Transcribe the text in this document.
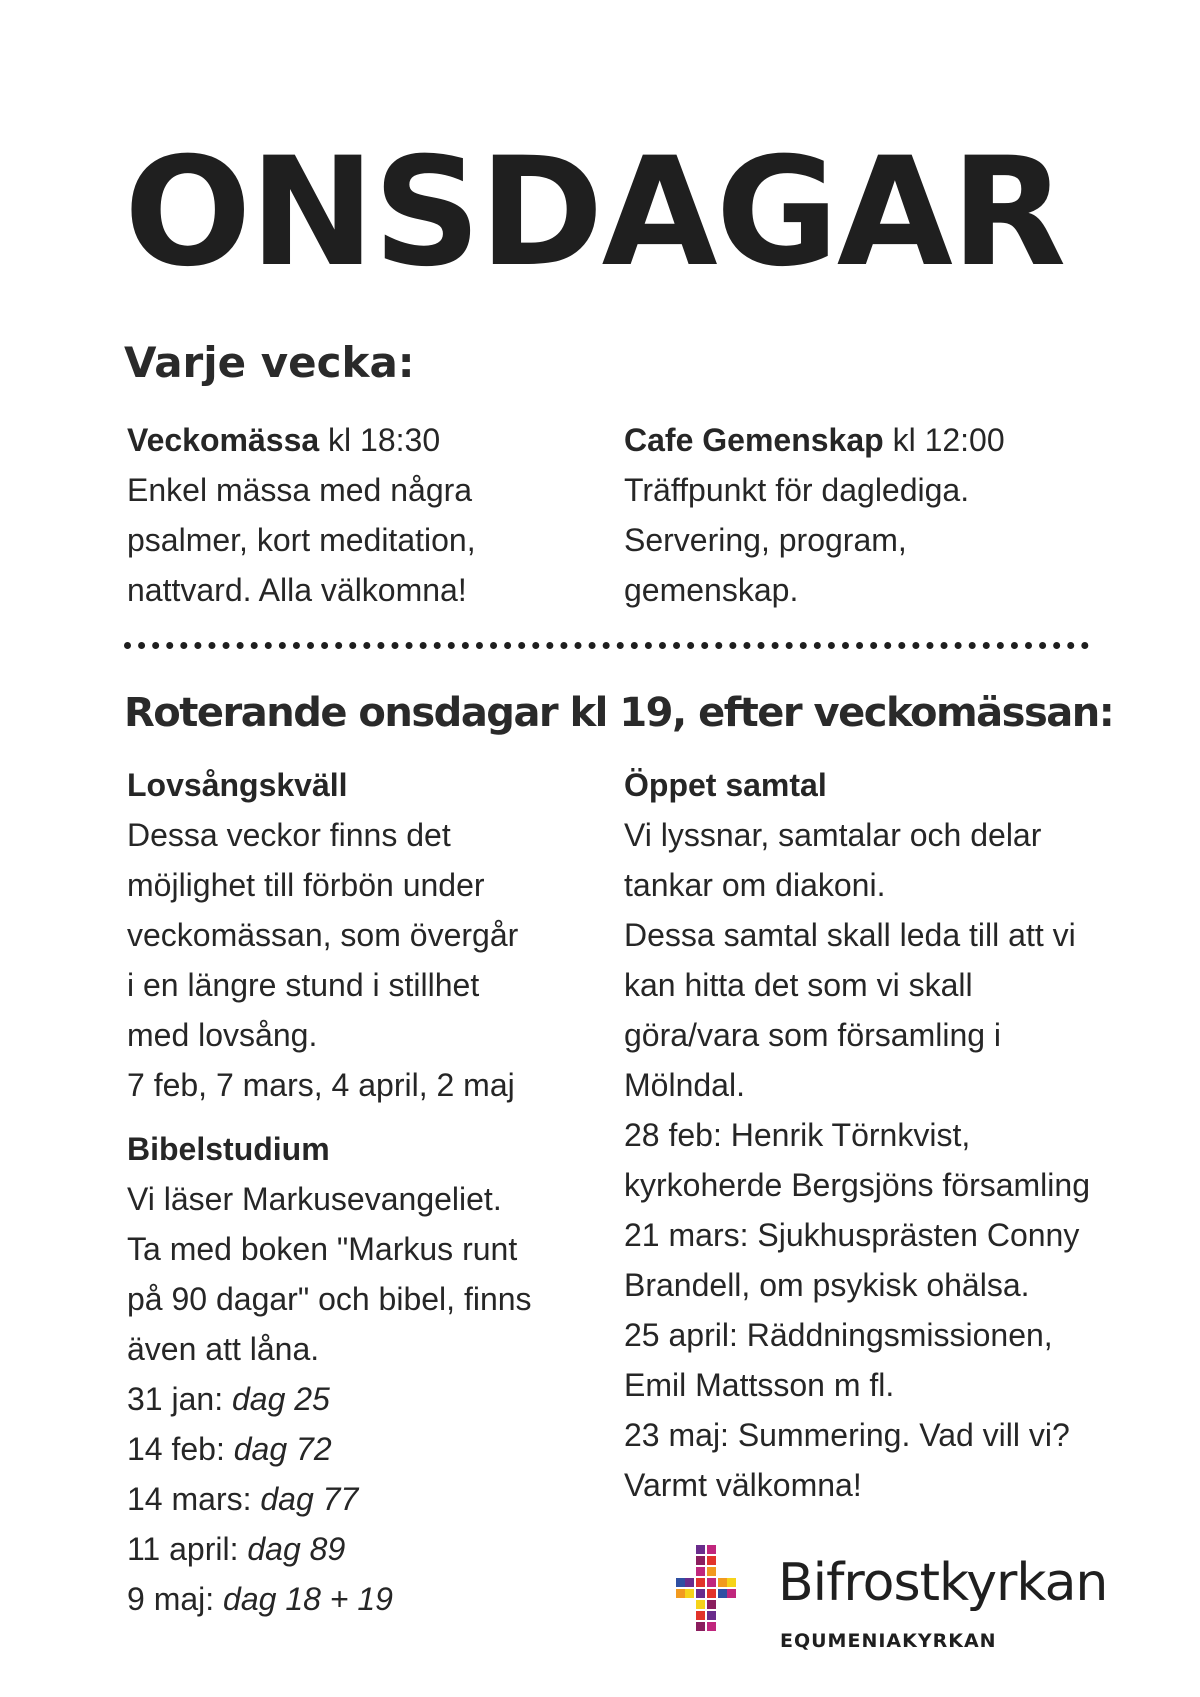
ONSDAGAR
Varje vecka:
Veckomässa kl 18:30
Enkel mässa med några
psalmer, kort meditation,
nattvard. Alla välkomna!
Cafe Gemenskap kl 12:00
Träffpunkt för daglediga.
Servering, program,
gemenskap.
Roterande onsdagar kl 19, efter veckomässan:
Lovsångskväll
Dessa veckor finns det
möjlighet till förbön under
veckomässan, som övergår
i en längre stund i stillhet
med lovsång.
7 feb, 7 mars, 4 april, 2 maj
Bibelstudium
Vi läser Markusevangeliet.
Ta med boken "Markus runt
på 90 dagar" och bibel, finns
även att låna.
31 jan: dag 25
14 feb: dag 72
14 mars: dag 77
11 april: dag 89
9 maj: dag 18 + 19
Öppet samtal
Vi lyssnar, samtalar och delar
tankar om diakoni.
Dessa samtal skall leda till att vi
kan hitta det som vi skall
göra/vara som församling i
Mölndal.
28 feb: Henrik Törnkvist,
kyrkoherde Bergsjöns församling
21 mars: Sjukhusprästen Conny
Brandell, om psykisk ohälsa.
25 april: Räddningsmissionen,
Emil Mattsson m fl.
23 maj: Summering. Vad vill vi?
Varmt välkomna!
Bifrostkyrkan
EQUMENIAKYRKAN
